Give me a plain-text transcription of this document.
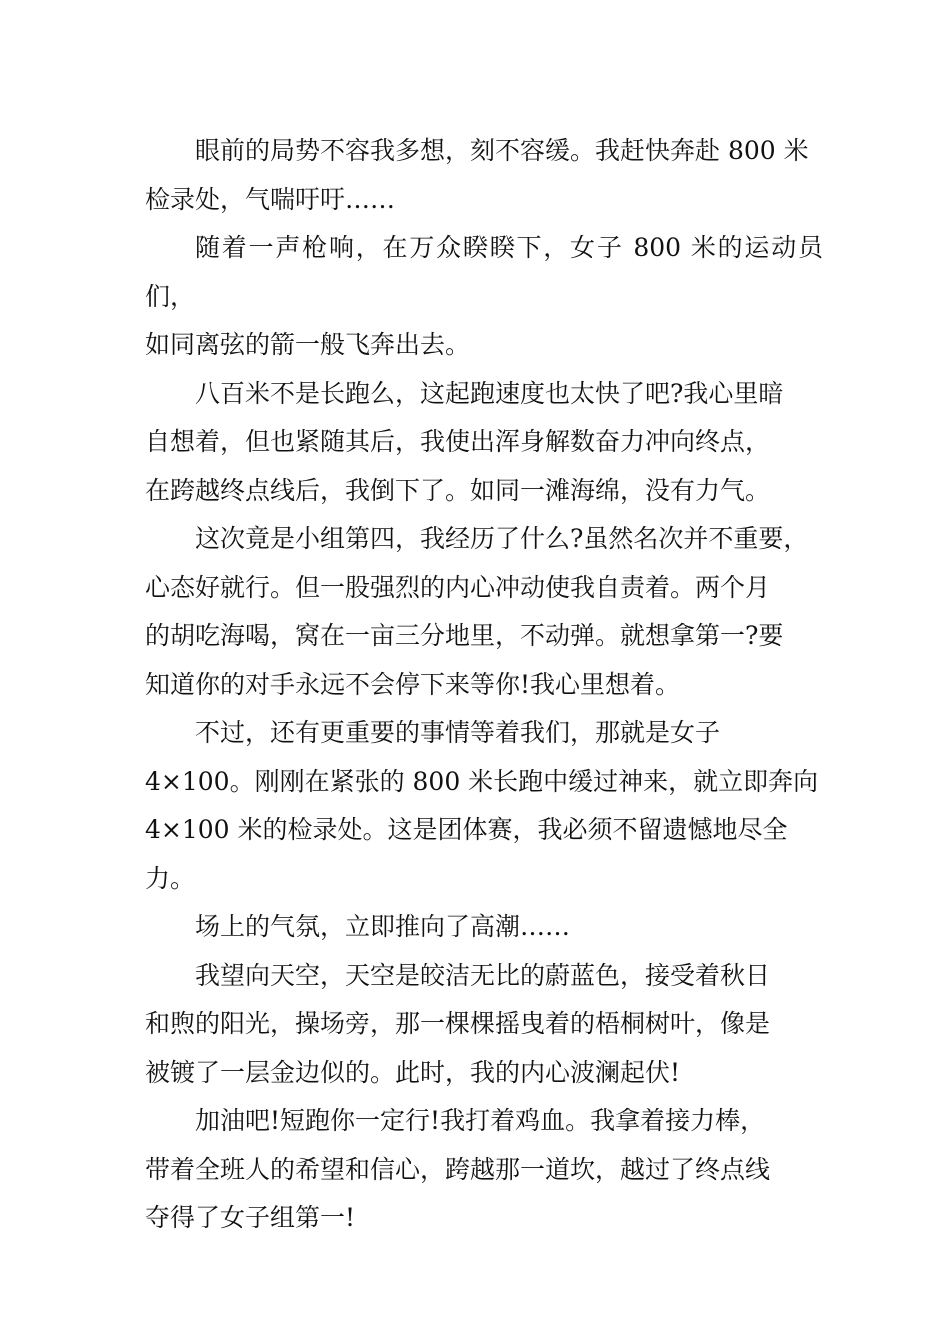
眼前的局势不容我多想，刻不容缓。我赶快奔赴 800 米
检录处，气喘吁吁……

随着一声枪响，在万众睽睽下，女子 800 米的运动员们，
如同离弦的箭一般飞奔出去。

八百米不是长跑么，这起跑速度也太快了吧?我心里暗
自想着，但也紧随其后，我使出浑身解数奋力冲向终点，
在跨越终点线后，我倒下了。如同一滩海绵，没有力气。

这次竟是小组第四，我经历了什么?虽然名次并不重要，
心态好就行。但一股强烈的内心冲动使我自责着。两个月
的胡吃海喝，窝在一亩三分地里，不动弹。就想拿第一?要
知道你的对手永远不会停下来等你!我心里想着。

不过，还有更重要的事情等着我们，那就是女子
4×100。刚刚在紧张的 800 米长跑中缓过神来，就立即奔向
4×100 米的检录处。这是团体赛，我必须不留遗憾地尽全
力。

场上的气氛，立即推向了高潮……

我望向天空，天空是皎洁无比的蔚蓝色，接受着秋日
和煦的阳光，操场旁，那一棵棵摇曳着的梧桐树叶，像是
被镀了一层金边似的。此时，我的内心波澜起伏!

加油吧!短跑你一定行!我打着鸡血。我拿着接力棒，
带着全班人的希望和信心，跨越那一道坎，越过了终点线
夺得了女子组第一!
